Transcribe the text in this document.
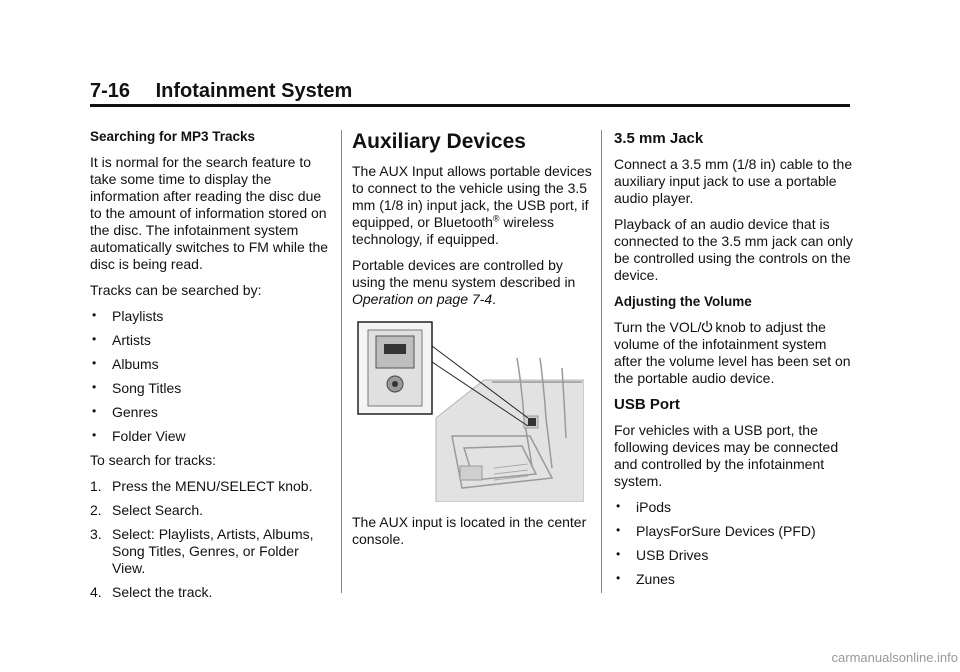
7-16 Infotainment System

Searching for MP3 Tracks

It is normal for the search feature to take some time to display the information after reading the disc due to the amount of information stored on the disc. The infotainment system automatically switches to FM while the disc is being read.

Tracks can be searched by:

• Playlists
• Artists
• Albums
• Song Titles
• Genres
• Folder View

To search for tracks:

1. Press the MENU/SELECT knob.
2. Select Search.
3. Select: Playlists, Artists, Albums, Song Titles, Genres, or Folder View.
4. Select the track.

Auxiliary Devices

The AUX Input allows portable devices to connect to the vehicle using the 3.5 mm (1/8 in) input jack, the USB port, if equipped, or Bluetooth® wireless technology, if equipped.

Portable devices are controlled by using the menu system described in Operation on page 7-4.

The AUX input is located in the center console.

3.5 mm Jack

Connect a 3.5 mm (1/8 in) cable to the auxiliary input jack to use a portable audio player.

Playback of an audio device that is connected to the 3.5 mm jack can only be controlled using the controls on the device.

Adjusting the Volume

Turn the VOL/ knob to adjust the volume of the infotainment system after the volume level has been set on the portable audio device.

USB Port

For vehicles with a USB port, the following devices may be connected and controlled by the infotainment system.

• iPods
• PlaysForSure Devices (PFD)
• USB Drives
• Zunes
carmanualsonline.info
